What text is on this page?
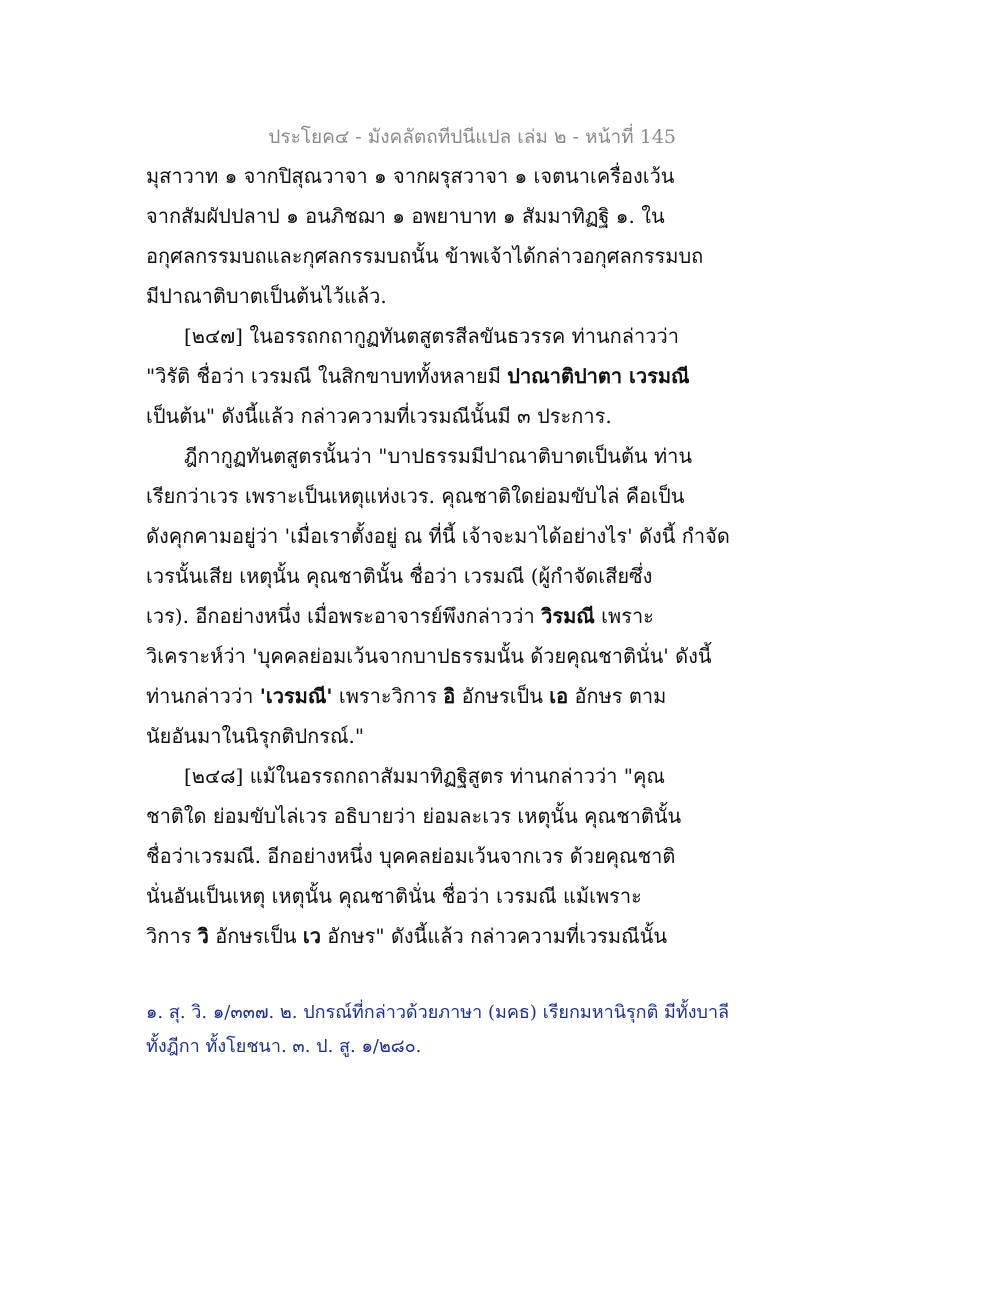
ประโยค๔ - มังคลัตถทีปนีแปล เล่ม ๒ - หน้าที่ 145
มุสาวาท ๑ จากปิสุณวาจา ๑ จากผรุสวาจา ๑ เจตนาเครื่องเว้น
จากสัมผัปปลาป ๑ อนภิชฌา ๑ อพยาบาท ๑ สัมมาทิฏฐิ ๑. ใน
อกุศลกรรมบถและกุศลกรรมบถนั้น ข้าพเจ้าได้กล่าวอกุศลกรรมบถ
มีปาณาติบาตเป็นต้นไว้แล้ว.
[๒๔๗] ในอรรถกถากูฏทันตสูตรสีลขันธวรรค ท่านกล่าวว่า
"วิรัติ ชื่อว่า เวรมณี ในสิกขาบททั้งหลายมี ปาณาติปาตา เวรมณี
เป็นต้น" ดังนี้แล้ว กล่าวความที่เวรมณีนั้นมี ๓ ประการ.
ฎีกากูฏทันตสูตรนั้นว่า "บาปธรรมมีปาณาติบาตเป็นต้น ท่าน
เรียกว่าเวร เพราะเป็นเหตุแห่งเวร. คุณชาติใดย่อมขับไล่ คือเป็น
ดังคุกคามอยู่ว่า 'เมื่อเราตั้งอยู่ ณ ที่นี้ เจ้าจะมาได้อย่างไร' ดังนี้ กำจัด
เวรนั้นเสีย เหตุนั้น คุณชาตินั้น ชื่อว่า เวรมณี (ผู้กำจัดเสียซึ่ง
เวร). อีกอย่างหนึ่ง เมื่อพระอาจารย์พึงกล่าวว่า วิรมณี เพราะ
วิเคราะห์ว่า 'บุคคลย่อมเว้นจากบาปธรรมนั้น ด้วยคุณชาตินั่น' ดังนี้
ท่านกล่าวว่า 'เวรมณี' เพราะวิการ อิ อักษรเป็น เอ อักษร ตาม
นัยอันมาในนิรุกติปกรณ์."
[๒๔๘] แม้ในอรรถกถาสัมมาทิฏฐิสูตร ท่านกล่าวว่า "คุณ
ชาติใด ย่อมขับไล่เวร อธิบายว่า ย่อมละเวร เหตุนั้น คุณชาตินั้น
ชื่อว่าเวรมณี. อีกอย่างหนึ่ง บุคคลย่อมเว้นจากเวร ด้วยคุณชาติ
นั่นอันเป็นเหตุ เหตุนั้น คุณชาตินั่น ชื่อว่า เวรมณี แม้เพราะ
วิการ วิ อักษรเป็น เว อักษร" ดังนี้แล้ว กล่าวความที่เวรมณีนั้น
๑. สุ. วิ. ๑/๓๓๗. ๒. ปกรณ์ที่กล่าวด้วยภาษา (มคธ) เรียกมหานิรุกติ มีทั้งบาลี
ทั้งฎีกา ทั้งโยชนา. ๓. ป. สู. ๑/๒๘๐.
